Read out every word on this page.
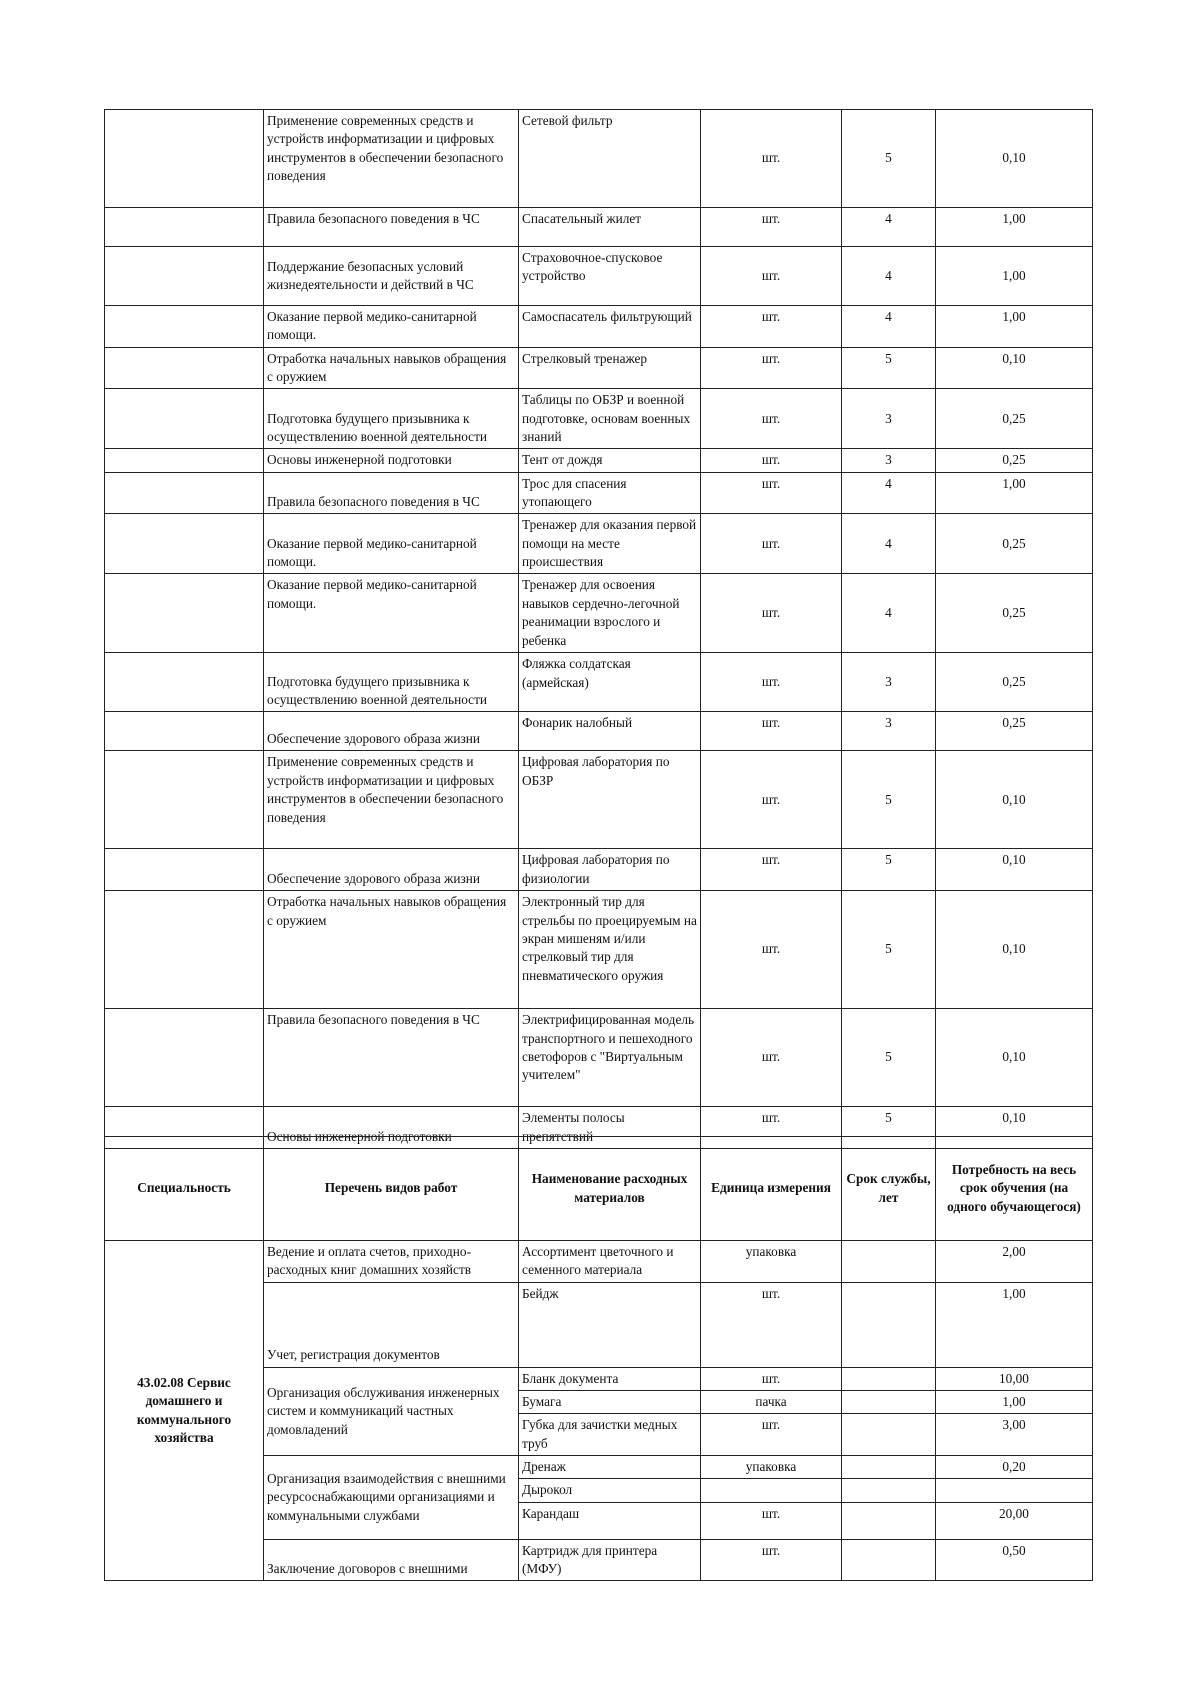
	Применение современных средств и устройств информатизации и цифровых инструментов в обеспечении безопасного поведения	Сетевой фильтр	шт.	5	0,10
	Правила безопасного поведения в ЧС	Спасательный жилет	шт.	4	1,00
	Поддержание безопасных условий жизнедеятельности и действий в ЧС	Страховочное-спусковое устройство	шт.	4	1,00
	Оказание первой медико-санитарной помощи.	Самоспасатель фильтрующий	шт.	4	1,00
	Отработка начальных навыков обращения с оружием	Стрелковый тренажер	шт.	5	0,10
	Подготовка будущего призывника к осуществлению военной деятельности	Таблицы по ОБЗР и военной подготовке, основам военных знаний	шт.	3	0,25
	Основы инженерной подготовки	Тент от дождя	шт.	3	0,25
	Правила безопасного поведения в ЧС	Трос для спасения утопающего	шт.	4	1,00
	Оказание первой медико-санитарной помощи.	Тренажер для оказания первой помощи на месте происшествия	шт.	4	0,25
	Оказание первой медико-санитарной помощи.	Тренажер для освоения навыков сердечно-легочной реанимации взрослого и ребенка	шт.	4	0,25
	Подготовка будущего призывника к осуществлению военной деятельности	Фляжка солдатская (армейская)	шт.	3	0,25
	Обеспечение здорового образа жизни	Фонарик налобный	шт.	3	0,25
	Применение современных средств и устройств информатизации и цифровых инструментов в обеспечении безопасного поведения	Цифровая лаборатория по ОБЗР	шт.	5	0,10
	Обеспечение здорового образа жизни	Цифровая лаборатория по физиологии	шт.	5	0,10
	Отработка начальных навыков обращения с оружием	Электронный тир для стрельбы по проецируемым на экран мишеням и/или стрелковый тир для пневматического оружия	шт.	5	0,10
	Правила безопасного поведения в ЧС	Электрифицированная модель транспортного и пешеходного светофоров с "Виртуальным учителем"	шт.	5	0,10
	Основы инженерной подготовки	Элементы полосы препятствий	шт.	5	0,10
Специальность	Перечень видов работ	Наименование расходных материалов	Единица измерения	Срок службы, лет	Потребность на весь срок обучения (на одного обучающегося)
43.02.08 Сервис домашнего и коммунального хозяйства	Ведение и оплата счетов, приходно-расходных книг домашних хозяйств	Ассортимент цветочного и семенного материала	упаковка		2,00
	Учет, регистрация документов	Бейдж	шт.		1,00
	Организация обслуживания инженерных систем и коммуникаций частных домовладений	Бланк документа	шт.		10,00
		Бумага	пачка		1,00
		Губка для зачистки медных труб	шт.		3,00
	Организация взаимодействия с внешними ресурсоснабжающими организациями и коммунальными службами	Дренаж	упаковка		0,20
		Дырокол			
		Карандаш	шт.		20,00
	Заключение договоров с внешними	Картридж для принтера (МФУ)	шт.		0,50
